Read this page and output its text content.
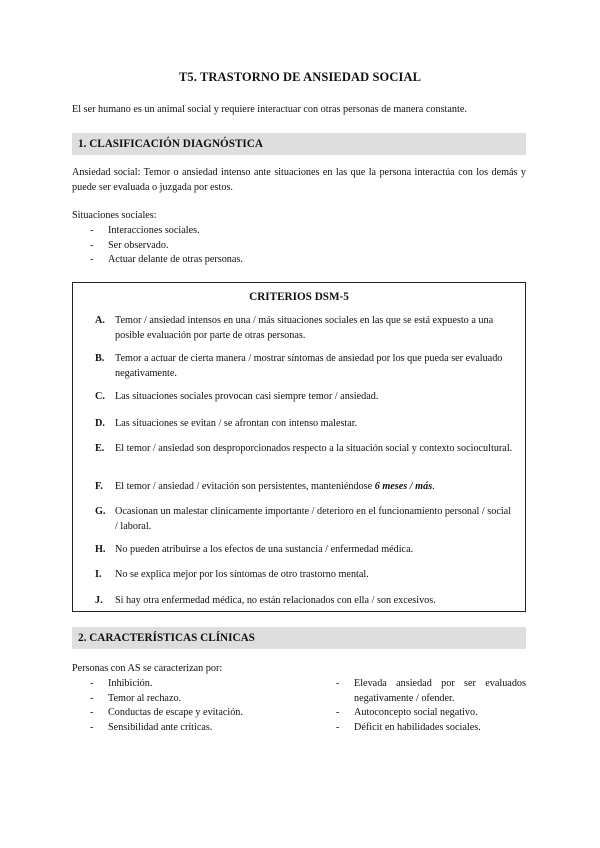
T5. TRASTORNO DE ANSIEDAD SOCIAL
El ser humano es un animal social y requiere interactuar con otras personas de manera constante.
1. CLASIFICACIÓN DIAGNÓSTICA
Ansiedad social: Temor o ansiedad intenso ante situaciones en las que la persona interactúa con los demás y puede ser evaluada o juzgada por estos.
Situaciones sociales:
- Interacciones sociales.
- Ser observado.
- Actuar delante de otras personas.
CRITERIOS DSM-5
A. Temor / ansiedad intensos en una / más situaciones sociales en las que se está expuesto a una posible evaluación por parte de otras personas.
B.	Temor a actuar de cierta manera / mostrar síntomas de ansiedad por los que pueda ser evaluado negativamente.
C. Las situaciones sociales provocan casi siempre temor / ansiedad.
D. Las situaciones se evitan / se afrontan con intenso malestar.
E.	El temor / ansiedad son desproporcionados respecto a la situación social y contexto sociocultural.
F.	El temor / ansiedad / evitación son persistentes, manteniéndose 6 meses / más.
G. Ocasionan un malestar clínicamente importante / deterioro en el funcionamiento personal / social / laboral.
H. No pueden atribuirse a los efectos de una sustancia / enfermedad médica.
I.	No se explica mejor por los síntomas de otro trastorno mental.
J.	Si hay otra enfermedad médica, no están relacionados con ella / son excesivos.
2. CARACTERÍSTICAS CLÍNICAS
Personas con AS se caracterizan por:
- Inhibición.
- Temor al rechazo.
- Conductas de escape y evitación.
- Sensibilidad ante críticas.
- Elevada ansiedad por ser evaluados negativamente / ofender.
- Autoconcepto social negativo.
- Déficit en habilidades sociales.
